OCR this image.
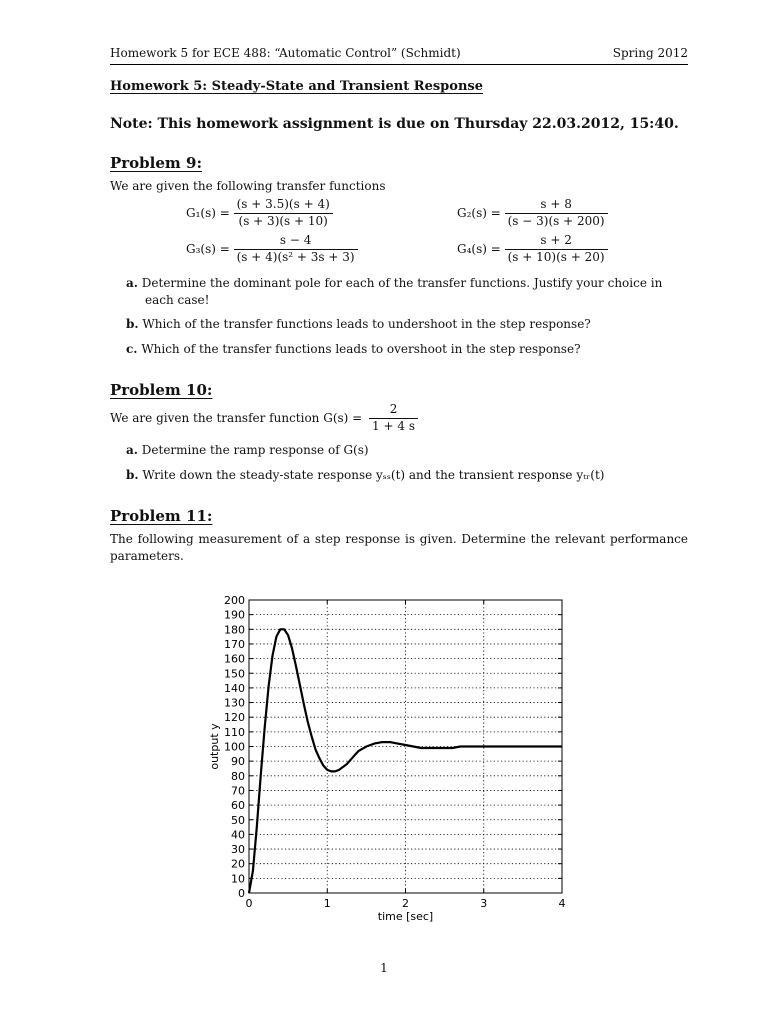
Homework 5 for ECE 488: “Automatic Control” (Schmidt)	Spring 2012
Homework 5: Steady-State and Transient Response
Note: This homework assignment is due on Thursday 22.03.2012, 15:40.
Problem 9:
We are given the following transfer functions
$G_1(s) = \frac{(s + 3.5)(s + 4)}{(s + 3)(s + 10)}$	$G_2(s) = \frac{s + 8}{(s - 3)(s + 200)}$
$G_3(s) = \frac{s - 4}{\text{(s + 4)(s² + 3s + 3)}}$	$G_4(s) = \frac{s + 2}{(s + 10)(s + 20)}$
a. Determine the dominant pole for each of the transfer functions. Justify your choice in each case!
b. Which of the transfer functions leads to undershoot in the step response?
c. Which of the transfer functions leads to overshoot in the step response?
Problem 10:
We are given the transfer function $G(s) = \frac{2}{1 + 4 s}$
a. Determine the ramp response of G(s)
b. Write down the steady-state response yₛₛ(t) and the transient response yₜᵣ(t)
Problem 11:
The following measurement of a step response is given. Determine the relevant performance parameters.
0
10
20
30
40
50
60
70
80
90
100
110
120
130
140
150
160
170
180
190
200
0	1	2	3	4
time [sec]
output y
1
